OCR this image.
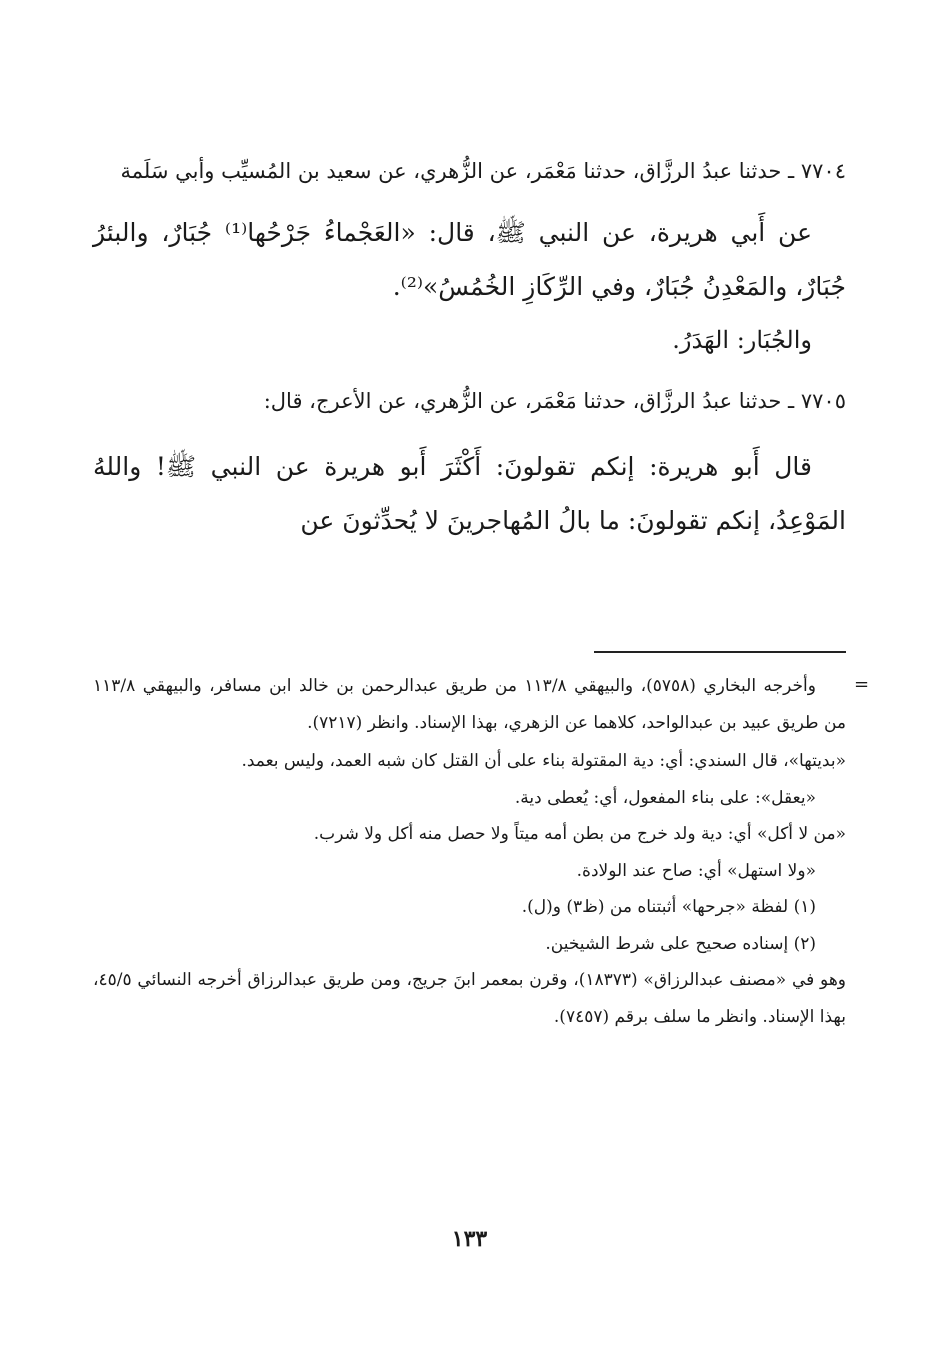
٧٧٠٤ ـ حدثنا عبدُ الرزَّاق، حدثنا مَعْمَر، عن الزُّهري، عن سعيد بن المُسيِّب وأبي سَلَمة

عن أَبي هريرة، عن النبي ﷺ، قال: «العَجْماءُ جَرْحُها⁽¹⁾ جُبَارٌ، والبئرُ جُبَارٌ، والمَعْدِنُ جُبَارٌ، وفي الرِّكَازِ الخُمُسُ»⁽²⁾.

والجُبَار: الهَدَرُ.

٧٧٠٥ ـ حدثنا عبدُ الرزَّاق، حدثنا مَعْمَر، عن الزُّهري، عن الأعرج، قال:

قال أَبو هريرة: إنكم تقولونَ: أَكْثَرَ أَبو هريرة عن النبي ﷺ! واللهُ المَوْعِدُ، إنكم تقولونَ: ما بالُ المُهاجرينَ لا يُحدِّثونَ عن

=

وأخرجه البخاري (٥٧٥٨)، والبيهقي ١١٣/٨ من طريق عبدالرحمن بن خالد ابن مسافر، والبيهقي ١١٣/٨ من طريق عبيد بن عبدالواحد، كلاهما عن الزهري، بهذا الإسناد. وانظر (٧٢١٧).

«بديتها»، قال السندي: أي: دية المقتولة بناء على أن القتل كان شبه العمد، وليس بعمد.

«يعقل»: على بناء المفعول، أي: يُعطى دية.

«من لا أكل» أي: دية ولد خرج من بطن أمه ميتاً ولا حصل منه أكل ولا شرب.

«ولا استهل» أي: صاح عند الولادة.

(١) لفظة «جرحها» أثبتناه من (ظ٣) و(ل).

(٢) إسناده صحيح على شرط الشيخين.

وهو في «مصنف عبدالرزاق» (١٨٣٧٣)، وقرن بمعمر ابنَ جريج، ومن طريق عبدالرزاق أخرجه النسائي ٤٥/٥، بهذا الإسناد. وانظر ما سلف برقم (٧٤٥٧).

١٣٣
